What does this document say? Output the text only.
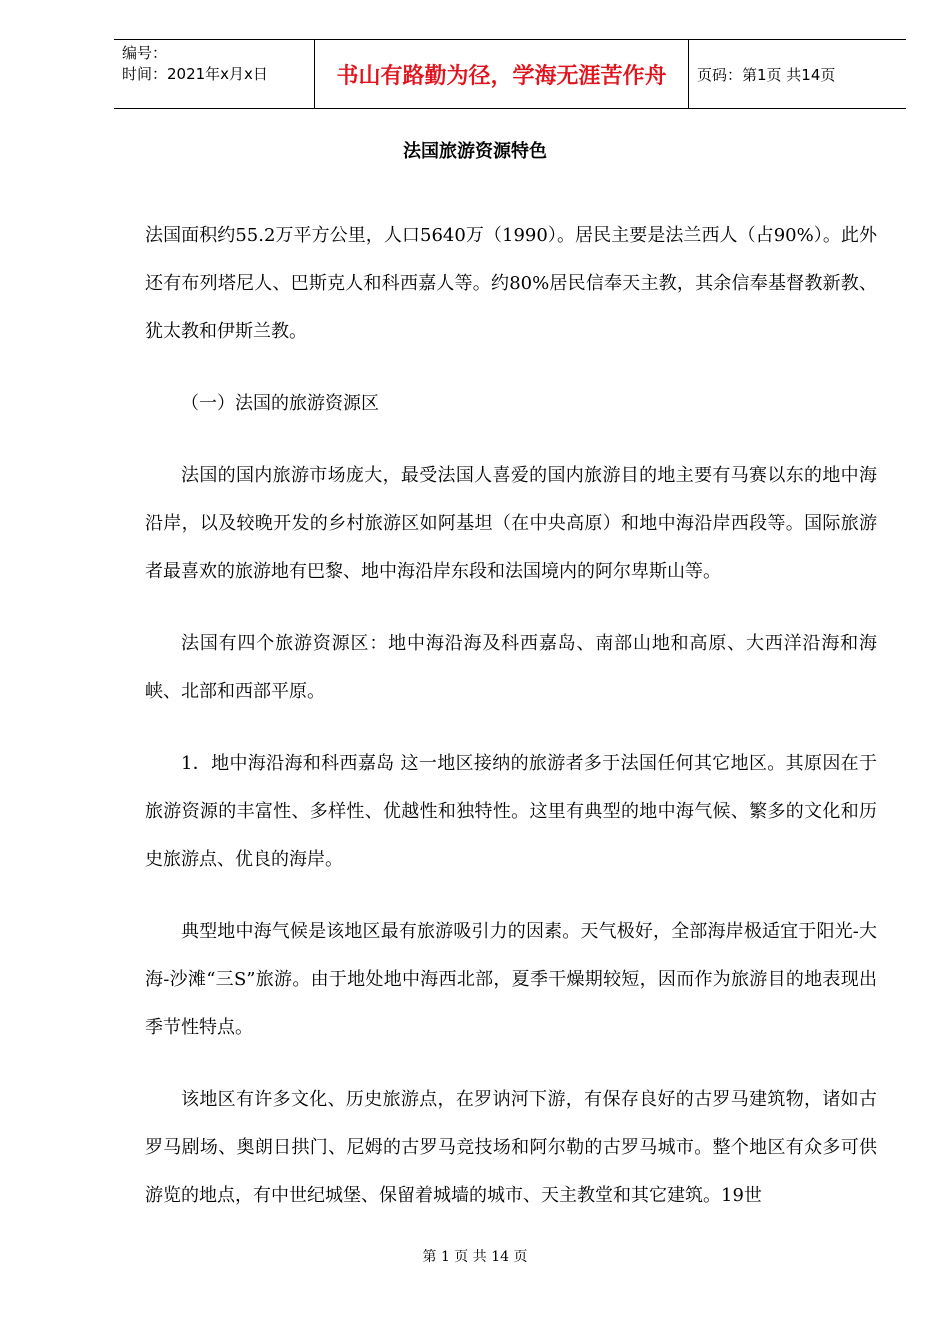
编号：
时间：2021年x月x日	书山有路勤为径，学海无涯苦作舟	页码：第1页 共14页
法国旅游资源特色

法国面积约55.2万平方公里，人口5640万（1990）。居民主要是法兰西人（占90%）。此外还有布列塔尼人、巴斯克人和科西嘉人等。约80%居民信奉天主教，其余信奉基督教新教、犹太教和伊斯兰教。

（一）法国的旅游资源区

法国的国内旅游市场庞大，最受法国人喜爱的国内旅游目的地主要有马赛以东的地中海沿岸，以及较晚开发的乡村旅游区如阿基坦（在中央高原）和地中海沿岸西段等。国际旅游者最喜欢的旅游地有巴黎、地中海沿岸东段和法国境内的阿尔卑斯山等。

法国有四个旅游资源区：地中海沿海及科西嘉岛、南部山地和高原、大西洋沿海和海峡、北部和西部平原。

1．地中海沿海和科西嘉岛 这一地区接纳的旅游者多于法国任何其它地区。其原因在于旅游资源的丰富性、多样性、优越性和独特性。这里有典型的地中海气候、繁多的文化和历史旅游点、优良的海岸。

典型地中海气候是该地区最有旅游吸引力的因素。天气极好，全部海岸极适宜于阳光-大海-沙滩“三S”旅游。由于地处地中海西北部，夏季干燥期较短，因而作为旅游目的地表现出季节性特点。

该地区有许多文化、历史旅游点，在罗讷河下游，有保存良好的古罗马建筑物，诸如古罗马剧场、奥朗日拱门、尼姆的古罗马竞技场和阿尔勒的古罗马城市。整个地区有众多可供游览的地点，有中世纪城堡、保留着城墙的城市、天主教堂和其它建筑。19世

第 1 页 共 14 页
